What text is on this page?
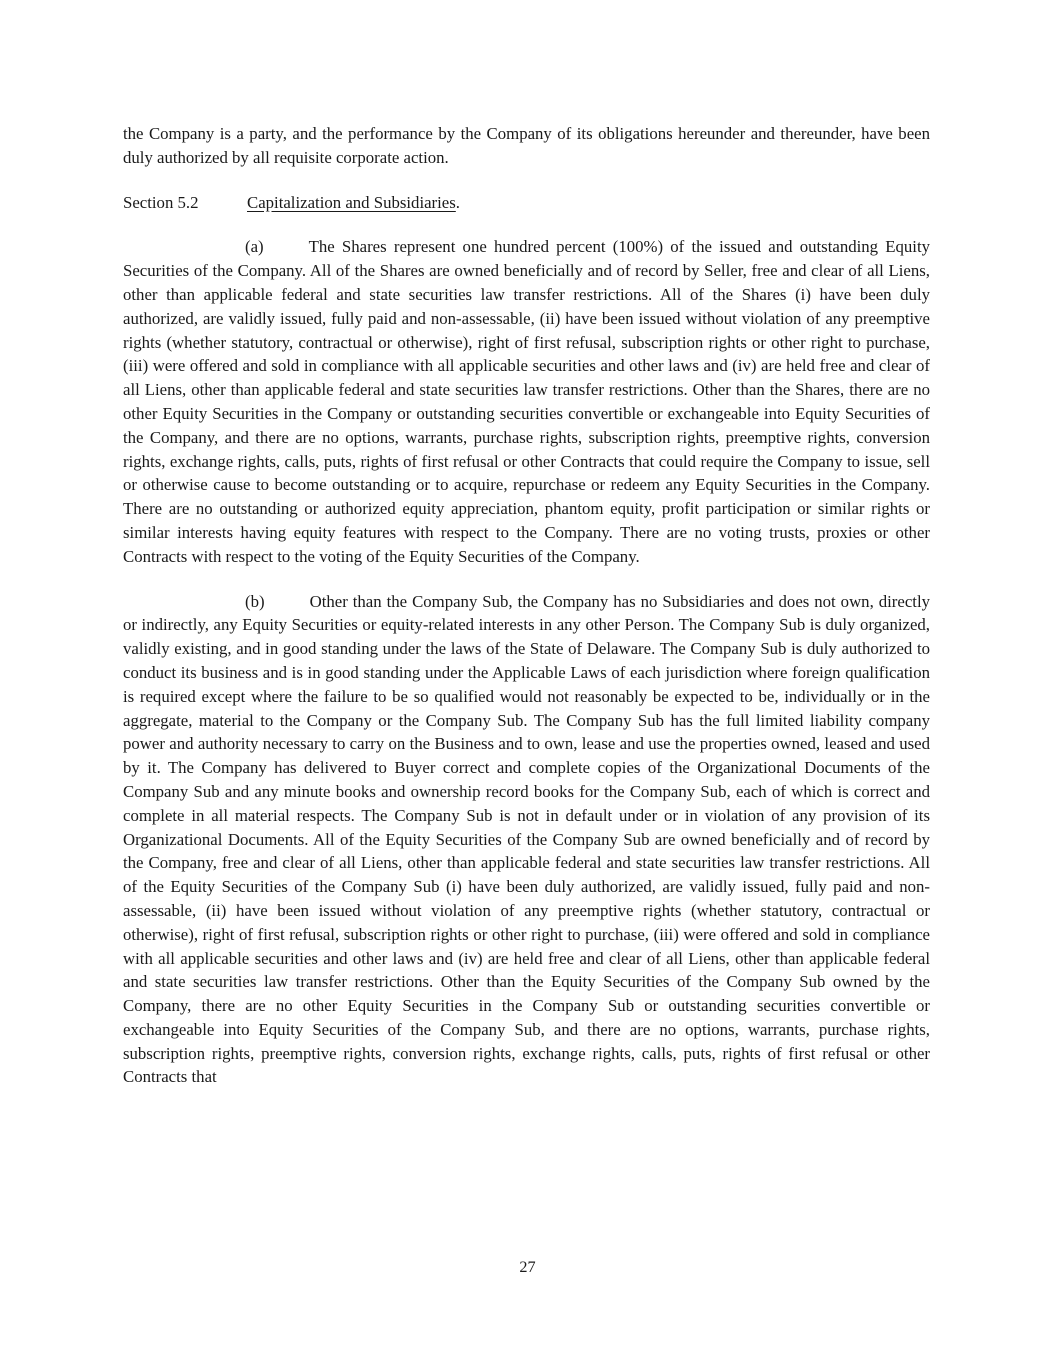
the Company is a party, and the performance by the Company of its obligations hereunder and thereunder, have been duly authorized by all requisite corporate action.

Section 5.2	Capitalization and Subsidiaries.

(a)	The Shares represent one hundred percent (100%) of the issued and outstanding Equity Securities of the Company. All of the Shares are owned beneficially and of record by Seller, free and clear of all Liens, other than applicable federal and state securities law transfer restrictions. All of the Shares (i) have been duly authorized, are validly issued, fully paid and non-assessable, (ii) have been issued without violation of any preemptive rights (whether statutory, contractual or otherwise), right of first refusal, subscription rights or other right to purchase, (iii) were offered and sold in compliance with all applicable securities and other laws and (iv) are held free and clear of all Liens, other than applicable federal and state securities law transfer restrictions. Other than the Shares, there are no other Equity Securities in the Company or outstanding securities convertible or exchangeable into Equity Securities of the Company, and there are no options, warrants, purchase rights, subscription rights, preemptive rights, conversion rights, exchange rights, calls, puts, rights of first refusal or other Contracts that could require the Company to issue, sell or otherwise cause to become outstanding or to acquire, repurchase or redeem any Equity Securities in the Company. There are no outstanding or authorized equity appreciation, phantom equity, profit participation or similar rights or similar interests having equity features with respect to the Company. There are no voting trusts, proxies or other Contracts with respect to the voting of the Equity Securities of the Company.

(b)	Other than the Company Sub, the Company has no Subsidiaries and does not own, directly or indirectly, any Equity Securities or equity-related interests in any other Person. The Company Sub is duly organized, validly existing, and in good standing under the laws of the State of Delaware. The Company Sub is duly authorized to conduct its business and is in good standing under the Applicable Laws of each jurisdiction where foreign qualification is required except where the failure to be so qualified would not reasonably be expected to be, individually or in the aggregate, material to the Company or the Company Sub. The Company Sub has the full limited liability company power and authority necessary to carry on the Business and to own, lease and use the properties owned, leased and used by it. The Company has delivered to Buyer correct and complete copies of the Organizational Documents of the Company Sub and any minute books and ownership record books for the Company Sub, each of which is correct and complete in all material respects. The Company Sub is not in default under or in violation of any provision of its Organizational Documents. All of the Equity Securities of the Company Sub are owned beneficially and of record by the Company, free and clear of all Liens, other than applicable federal and state securities law transfer restrictions. All of the Equity Securities of the Company Sub (i) have been duly authorized, are validly issued, fully paid and non-assessable, (ii) have been issued without violation of any preemptive rights (whether statutory, contractual or otherwise), right of first refusal, subscription rights or other right to purchase, (iii) were offered and sold in compliance with all applicable securities and other laws and (iv) are held free and clear of all Liens, other than applicable federal and state securities law transfer restrictions. Other than the Equity Securities of the Company Sub owned by the Company, there are no other Equity Securities in the Company Sub or outstanding securities convertible or exchangeable into Equity Securities of the Company Sub, and there are no options, warrants, purchase rights, subscription rights, preemptive rights, conversion rights, exchange rights, calls, puts, rights of first refusal or other Contracts that

27
